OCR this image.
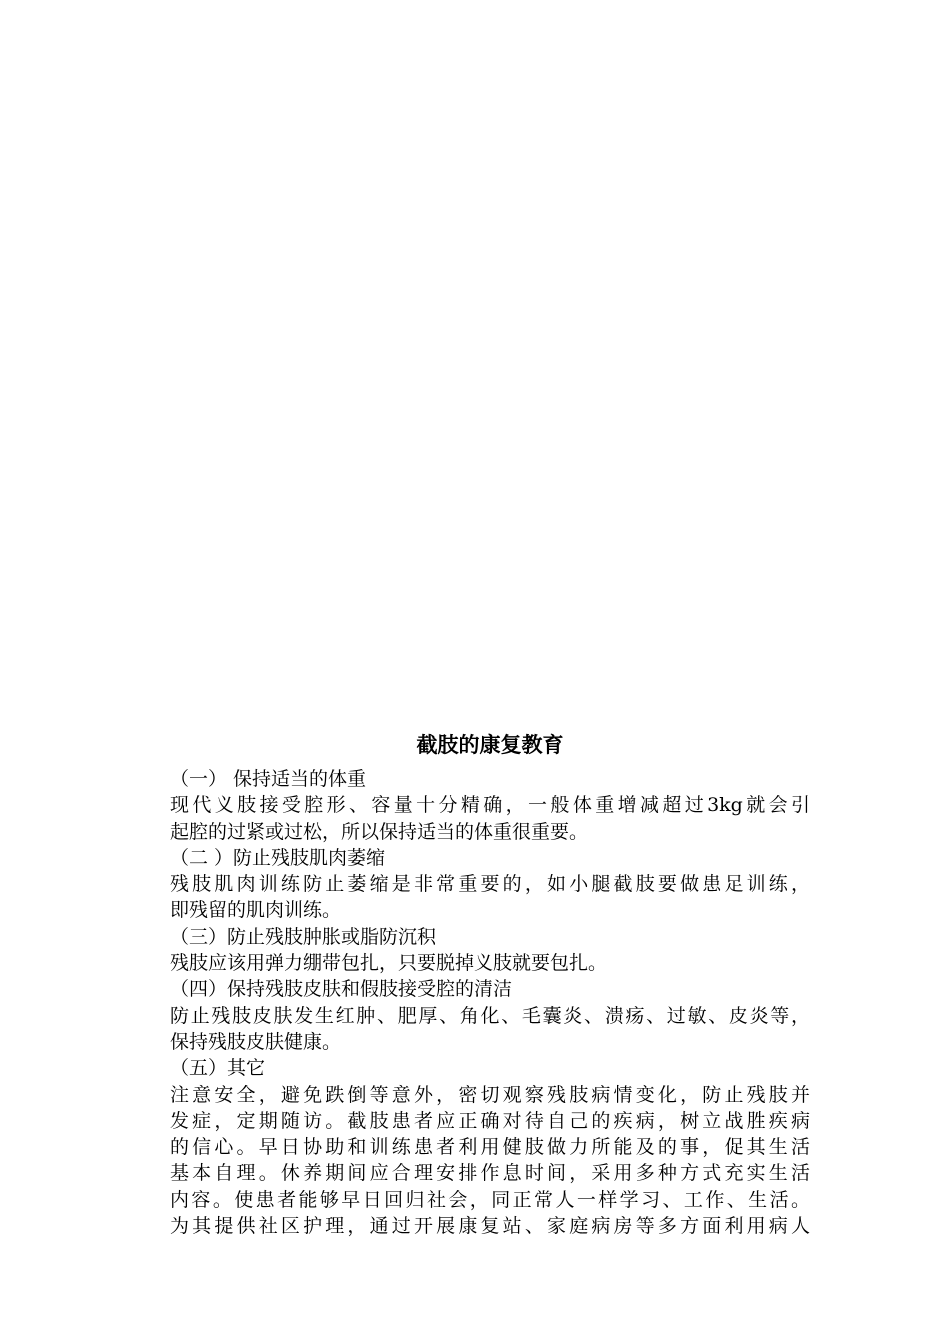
截肢的康复教育
（一） 保持适当的体重
现代义肢接受腔形、容量十分精确，一般体重增减超过3kg就会引
起腔的过紧或过松，所以保持适当的体重很重要。
（二 ）防止残肢肌肉萎缩
残肢肌肉训练防止萎缩是非常重要的，如小腿截肢要做患足训练，
即残留的肌肉训练。
（三）防止残肢肿胀或脂防沉积
残肢应该用弹力绷带包扎，只要脱掉义肢就要包扎。
（四）保持残肢皮肤和假肢接受腔的清洁
防止残肢皮肤发生红肿、肥厚、角化、毛囊炎、溃疡、过敏、皮炎等，
保持残肢皮肤健康。
（五）其它
注意安全，避免跌倒等意外，密切观察残肢病情变化，防止残肢并
发症，定期随访。截肢患者应正确对待自己的疾病，树立战胜疾病
的信心。早日协助和训练患者利用健肢做力所能及的事，促其生活
基本自理。休养期间应合理安排作息时间，采用多种方式充实生活
内容。使患者能够早日回归社会，同正常人一样学习、工作、生活。
为其提供社区护理，通过开展康复站、家庭病房等多方面利用病人
